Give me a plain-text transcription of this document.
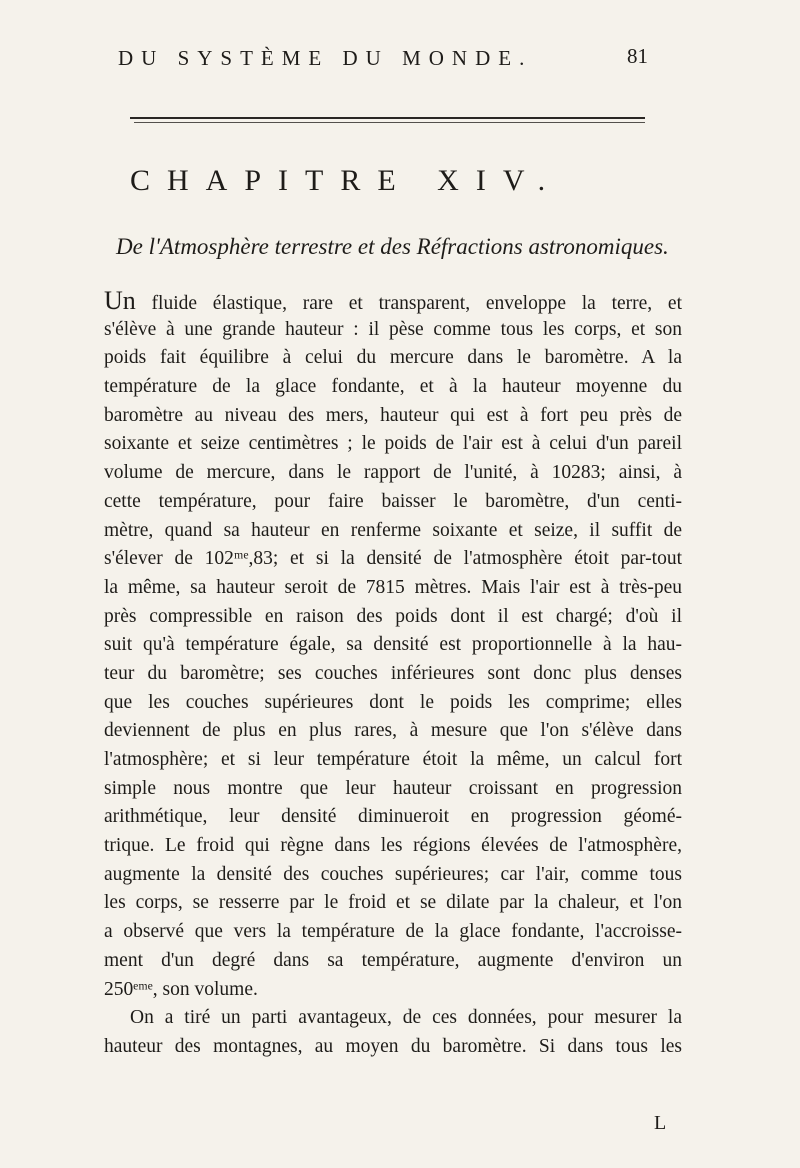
DU SYSTÈME DU MONDE.	81
CHAPITRE XIV.
De l'Atmosphère terrestre et des Réfractions astronomiques.
Un fluide élastique, rare et transparent, enveloppe la terre, et
s'élève à une grande hauteur : il pèse comme tous les corps, et son
poids fait équilibre à celui du mercure dans le baromètre. A la
température de la glace fondante, et à la hauteur moyenne du
baromètre au niveau des mers, hauteur qui est à fort peu près de
soixante et seize centimètres ; le poids de l'air est à celui d'un pareil
volume de mercure, dans le rapport de l'unité, à 10283; ainsi, à
cette température, pour faire baisser le baromètre, d'un centi-
mètre, quand sa hauteur en renferme soixante et seize, il suffit de
s'élever de 102ᵐᵉ,83; et si la densité de l'atmosphère étoit par-tout
la même, sa hauteur seroit de 7815 mètres. Mais l'air est à très-peu
près compressible en raison des poids dont il est chargé; d'où il
suit qu'à température égale, sa densité est proportionnelle à la hau-
teur du baromètre; ses couches inférieures sont donc plus denses
que les couches supérieures dont le poids les comprime; elles
deviennent de plus en plus rares, à mesure que l'on s'élève dans
l'atmosphère; et si leur température étoit la même, un calcul fort
simple nous montre que leur hauteur croissant en progression
arithmétique, leur densité diminueroit en progression géomé-
trique. Le froid qui règne dans les régions élevées de l'atmosphère,
augmente la densité des couches supérieures; car l'air, comme tous
les corps, se resserre par le froid et se dilate par la chaleur, et l'on
a observé que vers la température de la glace fondante, l'accroisse-
ment d'un degré dans sa température, augmente d'environ un
250ᵉᵐᵉ, son volume.
On a tiré un parti avantageux, de ces données, pour mesurer la
hauteur des montagnes, au moyen du baromètre. Si dans tous les
L
